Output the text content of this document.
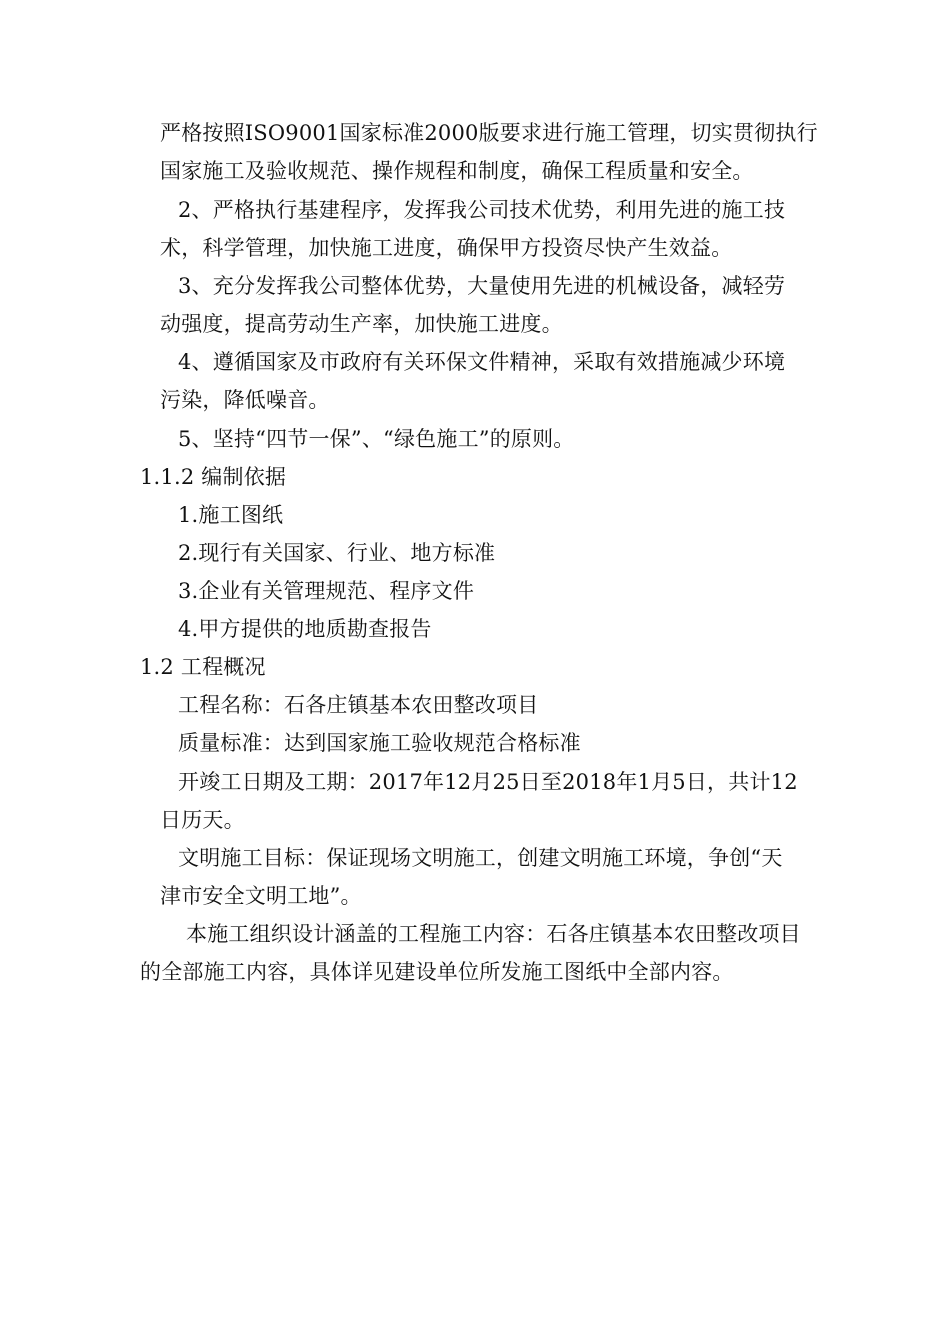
严格按照ISO9001国家标准2000版要求进行施工管理，切实贯彻执行
国家施工及验收规范、操作规程和制度，确保工程质量和安全。
2、严格执行基建程序，发挥我公司技术优势，利用先进的施工技
术，科学管理，加快施工进度，确保甲方投资尽快产生效益。
3、充分发挥我公司整体优势，大量使用先进的机械设备，减轻劳
动强度，提高劳动生产率，加快施工进度。
4、遵循国家及市政府有关环保文件精神，采取有效措施减少环境
污染，降低噪音。
5、坚持“四节一保”、“绿色施工”的原则。
1.1.2 编制依据
1.施工图纸
2.现行有关国家、行业、地方标准
3.企业有关管理规范、程序文件
4.甲方提供的地质勘查报告
1.2 工程概况
工程名称：石各庄镇基本农田整改项目
质量标准：达到国家施工验收规范合格标准
开竣工日期及工期：2017年12月25日至2018年1月5日，共计12
日历天。
文明施工目标：保证现场文明施工，创建文明施工环境，争创“天
津市安全文明工地”。
本施工组织设计涵盖的工程施工内容：石各庄镇基本农田整改项目
的全部施工内容，具体详见建设单位所发施工图纸中全部内容。
